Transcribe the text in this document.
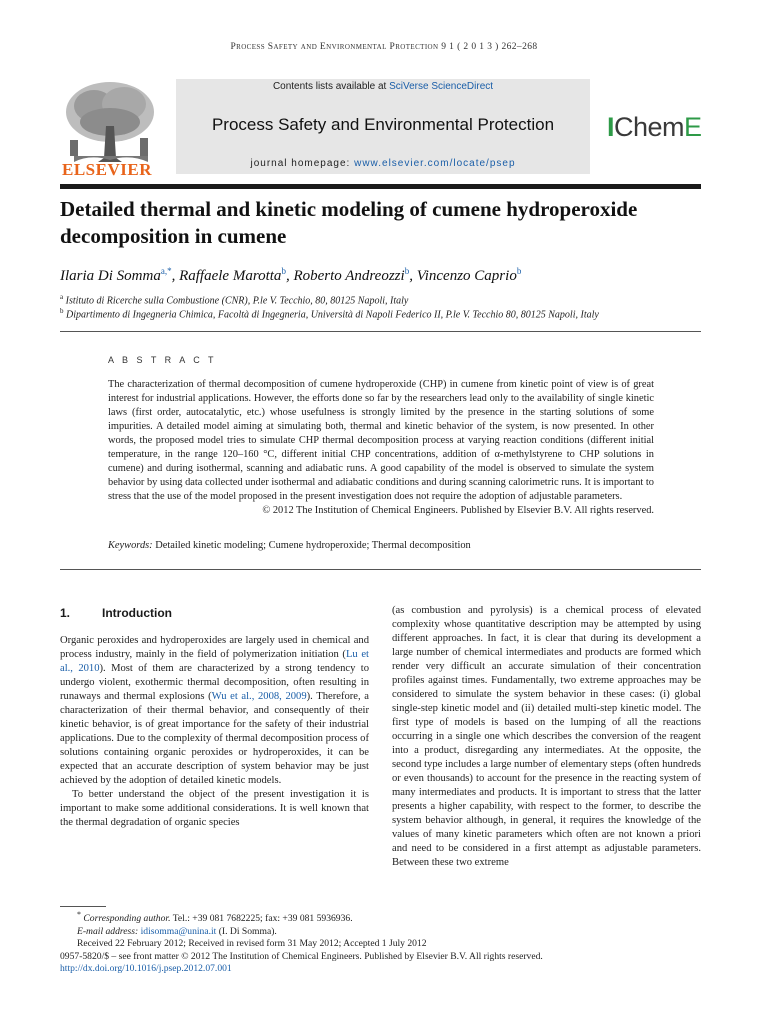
Process Safety and Environmental Protection 9 1 ( 2 0 1 3 ) 262–268
ELSEVIER
Contents lists available at SciVerse ScienceDirect
Process Safety and Environmental Protection
journal homepage: www.elsevier.com/locate/psep
IChemE
Detailed thermal and kinetic modeling of cumene hydroperoxide decomposition in cumene
Ilaria Di Somma$^{a,*}$, Raffaele Marotta$^b$, Roberto Andreozzi$^b$, Vincenzo Caprio$^b$
$^a$ Istituto di Ricerche sulla Combustione (CNR), P.le V. Tecchio, 80, 80125 Napoli, Italy
$^b$ Dipartimento di Ingegneria Chimica, Facoltà di Ingegneria, Università di Napoli Federico II, P.le V. Tecchio 80, 80125 Napoli, Italy
A B S T R A C T
The characterization of thermal decomposition of cumene hydroperoxide (CHP) in cumene from kinetic point of view is of great interest for industrial applications. However, the efforts done so far by the researchers lead only to the availability of single kinetic laws (first order, autocatalytic, etc.) whose usefulness is strongly limited by the presence in the starting solutions of some impurities. A detailed model aiming at simulating both, thermal and kinetic behavior of the system, is now presented. In other words, the proposed model tries to simulate CHP thermal decomposition process at varying reaction conditions (different initial temperature, in the range 120–160 °C, different initial CHP concentrations, addition of α-methylstyrene to CHP solutions in cumene) and during isothermal, scanning and adiabatic runs. A good capability of the model is observed to simulate the system behavior by using data collected under isothermal and adiabatic conditions and during scanning calorimetric runs. It is important to stress that the use of the model proposed in the present investigation does not require the adoption of adjustable parameters.
© 2012 The Institution of Chemical Engineers. Published by Elsevier B.V. All rights reserved.
Keywords: Detailed kinetic modeling; Cumene hydroperoxide; Thermal decomposition
1.	Introduction

Organic peroxides and hydroperoxides are largely used in chemical and process industry, mainly in the field of polymerization initiation (Lu et al., 2010). Most of them are characterized by a strong tendency to undergo violent, exothermic thermal decomposition, often resulting in runaways and thermal explosions (Wu et al., 2008, 2009). Therefore, a characterization of their thermal behavior, and consequently of their kinetic behavior, is of great importance for the safety of their industrial applications. Due to the complexity of thermal decomposition process of solutions containing organic peroxides or hydroperoxides, it can be expected that an accurate description of system behavior may be just achieved by the adoption of detailed kinetic models.

To better understand the object of the present investigation it is important to make some additional considerations. It is well known that the thermal degradation of organic species

(as combustion and pyrolysis) is a chemical process of elevated complexity whose quantitative description may be attempted by using different approaches. In fact, it is clear that during its development a large number of chemical intermediates and products are formed which render very difficult an accurate simulation of their concentration profiles against times. Fundamentally, two extreme approaches may be considered to simulate the system behavior in these cases: (i) global single-step kinetic model and (ii) detailed multi-step kinetic model. The first type of models is based on the lumping of all the reactions occurring in a single one which describes the conversion of the reagent into a product, disregarding any intermediates. At the opposite, the second type includes a large number of elementary steps (often hundreds or even thousands) to account for the presence in the reacting system of many intermediates and products. It is important to stress that the latter presents a higher capability, with respect to the former, to describe the system behavior although, in general, it requires the knowledge of the values of many kinetic parameters which often are not known a priori and need to be considered in a first attempt as adjustable parameters. Between these two extreme

* Corresponding author. Tel.: +39 081 7682225; fax: +39 081 5936936.
E-mail address: idisomma@unina.it (I. Di Somma).
Received 22 February 2012; Received in revised form 31 May 2012; Accepted 1 July 2012
0957-5820/$ – see front matter © 2012 The Institution of Chemical Engineers. Published by Elsevier B.V. All rights reserved.
http://dx.doi.org/10.1016/j.psep.2012.07.001
